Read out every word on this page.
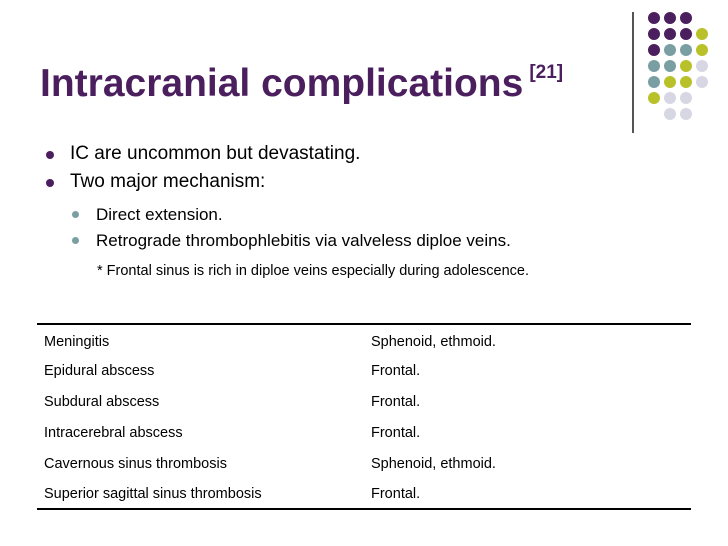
Intracranial complications [21]
IC are uncommon but devastating.
Two major mechanism:
Direct extension.
Retrograde thrombophlebitis via valveless diploe veins.
* Frontal sinus is rich in diploe veins especially during adolescence.
Meningitis	Sphenoid, ethmoid.
Epidural abscess	Frontal.
Subdural abscess	Frontal.
Intracerebral abscess	Frontal.
Cavernous sinus thrombosis	Sphenoid, ethmoid.
Superior sagittal sinus thrombosis	Frontal.
